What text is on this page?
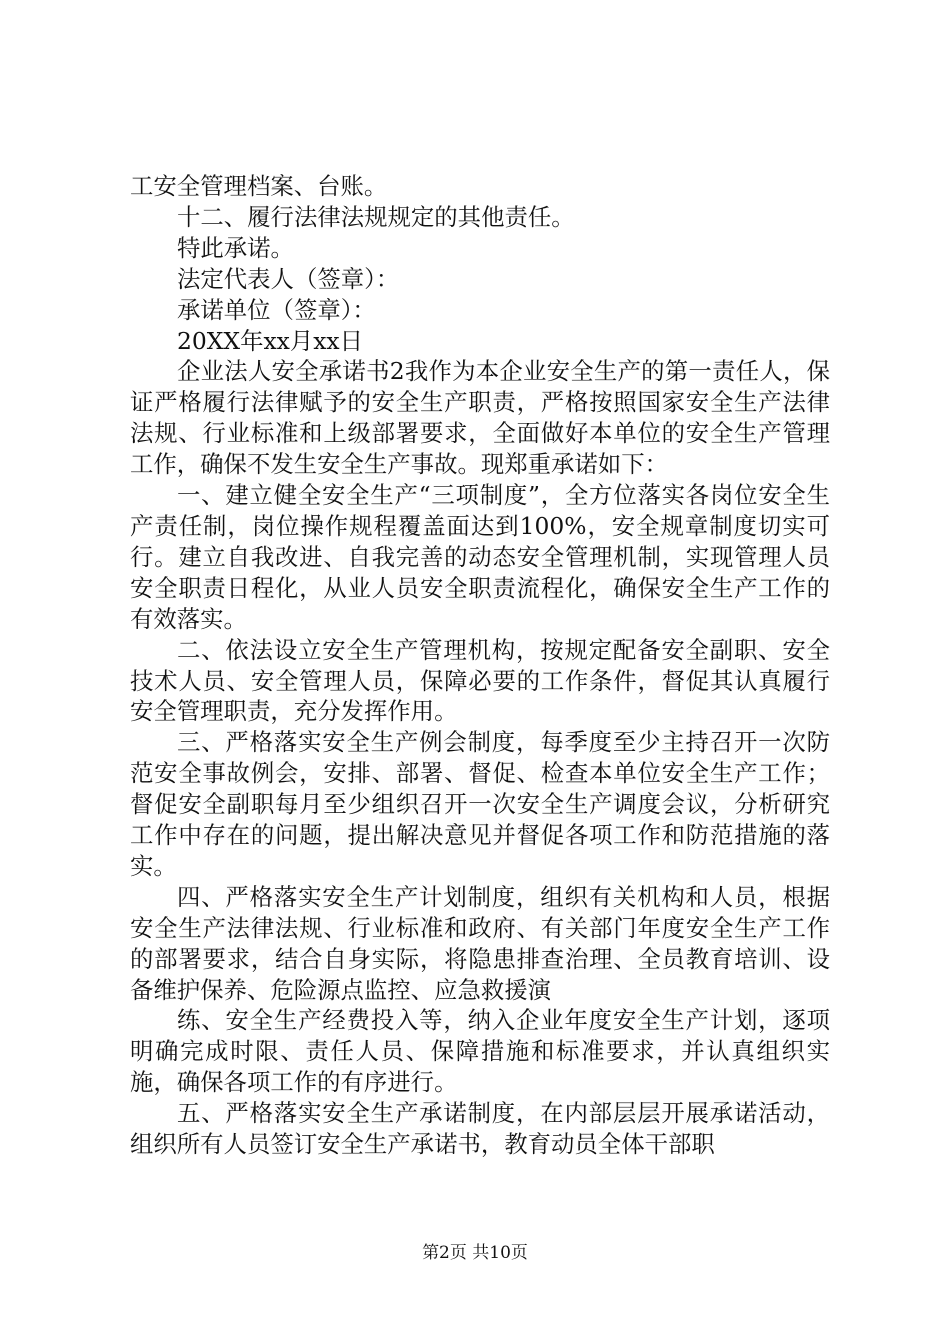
工安全管理档案、台账。

十二、履行法律法规规定的其他责任。

特此承诺。

法定代表人（签章）：

承诺单位（签章）：

20XX年xx月xx日

企业法人安全承诺书2我作为本企业安全生产的第一责任人，保证严格履行法律赋予的安全生产职责，严格按照国家安全生产法律法规、行业标准和上级部署要求，全面做好本单位的安全生产管理工作，确保不发生安全生产事故。现郑重承诺如下：

一、建立健全安全生产“三项制度”，全方位落实各岗位安全生产责任制，岗位操作规程覆盖面达到100%，安全规章制度切实可行。建立自我改进、自我完善的动态安全管理机制，实现管理人员安全职责日程化，从业人员安全职责流程化，确保安全生产工作的有效落实。

二、依法设立安全生产管理机构，按规定配备安全副职、安全技术人员、安全管理人员，保障必要的工作条件，督促其认真履行安全管理职责，充分发挥作用。

三、严格落实安全生产例会制度，每季度至少主持召开一次防范安全事故例会，安排、部署、督促、检查本单位安全生产工作；督促安全副职每月至少组织召开一次安全生产调度会议，分析研究工作中存在的问题，提出解决意见并督促各项工作和防范措施的落实。

四、严格落实安全生产计划制度，组织有关机构和人员，根据安全生产法律法规、行业标准和政府、有关部门年度安全生产工作的部署要求，结合自身实际，将隐患排查治理、全员教育培训、设备维护保养、危险源点监控、应急救援演

练、安全生产经费投入等，纳入企业年度安全生产计划，逐项明确完成时限、责任人员、保障措施和标准要求，并认真组织实施，确保各项工作的有序进行。

五、严格落实安全生产承诺制度，在内部层层开展承诺活动，组织所有人员签订安全生产承诺书，教育动员全体干部职

第2页 共10页
